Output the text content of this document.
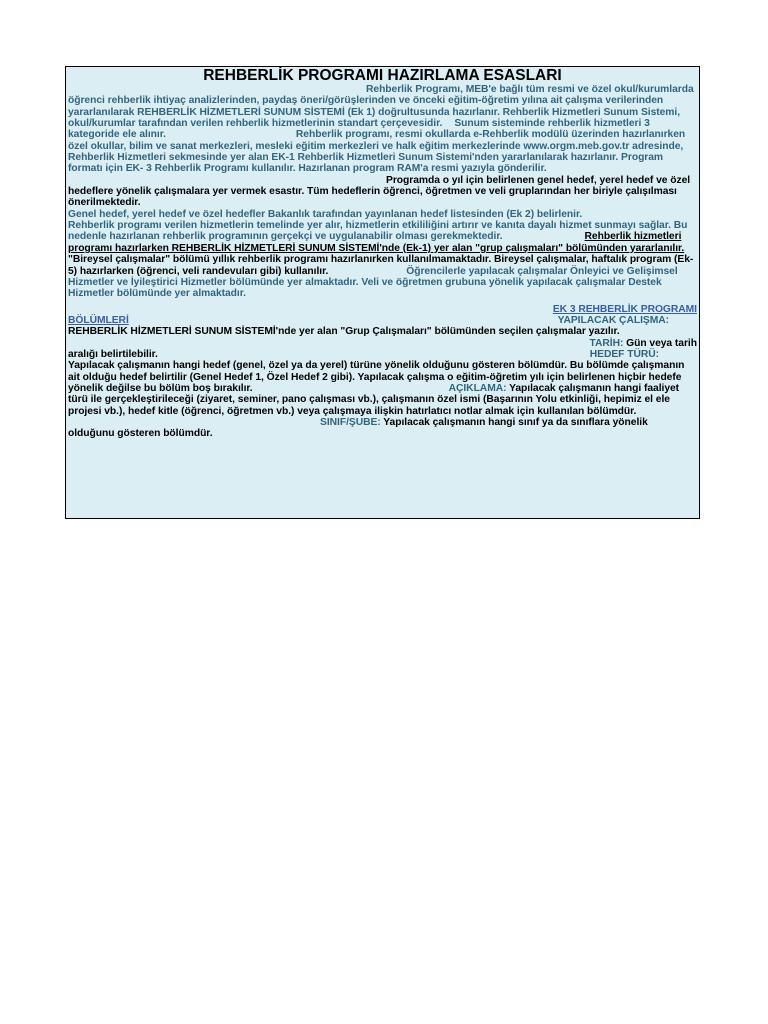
REHBERLİK PROGRAMI HAZIRLAMA ESASLARI
Rehberlik Programı, MEB'e bağlı tüm resmi ve özel okul/kurumlarda öğrenci rehberlik ihtiyaç analizlerinden, paydaş öneri/görüşlerinden ve önceki eğitim-öğretim yılına ait çalışma verilerinden yararlanılarak REHBERLİK HİZMETLERİ SUNUM SİSTEMİ (Ek 1) doğrultusunda hazırlanır. Rehberlik Hizmetleri Sunum Sistemi, okul/kurumlar tarafından verilen rehberlik hizmetlerinin standart çerçevesidir. Sunum sisteminde rehberlik hizmetleri 3 kategoride ele alınır.	Rehberlik programı, resmi okullarda e-Rehberlik modülü üzerinden hazırlanırken özel okullar, bilim ve sanat merkezleri, mesleki eğitim merkezleri ve halk eğitim merkezlerinde www.orgm.meb.gov.tr adresinde, Rehberlik Hizmetleri sekmesinde yer alan EK-1 Rehberlik Hizmetleri Sunum Sistemi'nden yararlanılarak hazırlanır. Program formatı için EK- 3 Rehberlik Programı kullanılır. Hazırlanan program RAM'a resmi yazıyla gönderilir.Programda o yıl için belirlenen genel hedef, yerel hedef ve özel hedeflere yönelik çalışmalara yer vermek esastır. Tüm hedeflerin öğrenci, öğretmen ve veli gruplarından her biriyle çalışılması önerilmektedir.
Genel hedef, yerel hedef ve özel hedefler Bakanlık tarafından yayınlanan hedef listesinden (Ek 2) belirlenir.
Rehberlik programı verilen hizmetlerin temelinde yer alır, hizmetlerin etkililiğini artırır ve kanıta dayalı hizmet sunmayı sağlar. Bu nedenle hazırlanan rehberlik programının gerçekçi ve uygulanabilir olması gerekmektedir.	Rehberlik hizmetleri programı hazırlarken REHBERLİK HİZMETLERİ SUNUM SİSTEMİ'nde (Ek-1) yer alan "grup çalışmaları" bölümünden yararlanılır. "Bireysel çalışmalar" bölümü yıllık rehberlik programı hazırlanırken kullanılmamaktadır. Bireysel çalışmalar, haftalık program (Ek-5) hazırlarken (öğrenci, veli randevuları gibi) kullanılır.	Öğrencilerle yapılacak çalışmalar Önleyici ve Gelişimsel Hizmetler ve İyileştirici Hizmetler bölümünde yer almaktadır. Veli ve öğretmen grubuna yönelik yapılacak çalışmalar Destek Hizmetler bölümünde yer almaktadır.
EK 3 REHBERLİK PROGRAMI
BÖLÜMLERİ	YAPILACAK ÇALIŞMA:
REHBERLİK HİZMETLERİ SUNUM SİSTEMİ'nde yer alan "Grup Çalışmaları" bölümünden seçilen çalışmalar yazılır.
TARİH: Gün veya tarih
aralığı belirtilebilir.	HEDEF TÜRÜ:
Yapılacak çalışmanın hangi hedef (genel, özel ya da yerel) türüne yönelik olduğunu gösteren bölümdür. Bu bölümde çalışmanın ait olduğu hedef belirtilir (Genel Hedef 1, Özel Hedef 2 gibi). Yapılacak çalışma o eğitim-öğretim yılı için belirlenen hiçbir hedefe yönelik değilse bu bölüm boş bırakılır.	AÇIKLAMA: Yapılacak çalışmanın hangi faaliyet türü ile gerçekleştirileceği (ziyaret, seminer, pano çalışması vb.), çalışmanın özel ismi (Başarının Yolu etkinliği, hepimiz el ele projesi vb.), hedef kitle (öğrenci, öğretmen vb.) veya çalışmaya ilişkin hatırlatıcı notlar almak için kullanılan bölümdür.SINIF/ŞUBE: Yapılacak çalışmanın hangi sınıf ya da sınıflara yönelik olduğunu gösteren bölümdür.
